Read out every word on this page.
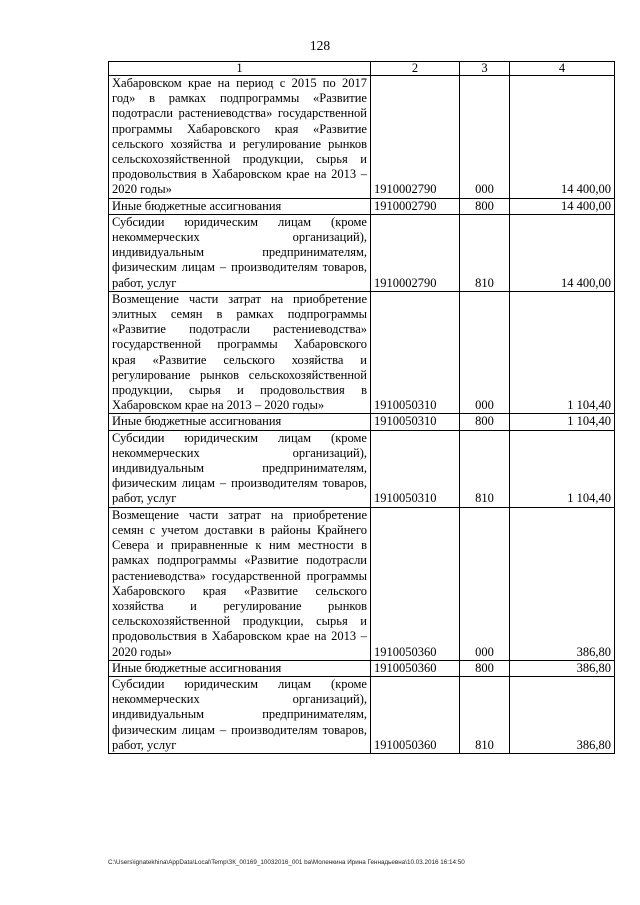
128
1	2	3	4
Хабаровском крае на период с 2015 по 2017 год» в рамках подпрограммы «Развитие подотрасли растениеводства» государственной программы Хабаровского края «Развитие сельского хозяйства и регулирование рынков сельскохозяйственной продукции, сырья и продовольствия в Хабаровском крае на 2013 – 2020 годы»	1910002790	000	14 400,00
Иные бюджетные ассигнования	1910002790	800	14 400,00
Субсидии юридическим лицам (кроме некоммерческих организаций), индивидуальным предпринимателям, физическим лицам – производителям товаров, работ, услуг	1910002790	810	14 400,00
Возмещение части затрат на приобретение элитных семян в рамках подпрограммы «Развитие подотрасли растениеводства» государственной программы Хабаровского края «Развитие сельского хозяйства и регулирование рынков сельскохозяйственной продукции, сырья и продовольствия в Хабаровском крае на 2013 – 2020 годы»	1910050310	000	1 104,40
Иные бюджетные ассигнования	1910050310	800	1 104,40
Субсидии юридическим лицам (кроме некоммерческих организаций), индивидуальным предпринимателям, физическим лицам – производителям товаров, работ, услуг	1910050310	810	1 104,40
Возмещение части затрат на приобретение семян с учетом доставки в районы Крайнего Севера и приравненные к ним местности в рамках подпрограммы «Развитие подотрасли растениеводства» государственной программы Хабаровского края «Развитие сельского хозяйства и регулирование рынков сельскохозяйственной продукции, сырья и продовольствия в Хабаровском крае на 2013 – 2020 годы»	1910050360	000	386,80
Иные бюджетные ассигнования	1910050360	800	386,80
Субсидии юридическим лицам (кроме некоммерческих организаций), индивидуальным предпринимателям, физическим лицам – производителям товаров, работ, услуг	1910050360	810	386,80
C:\Users\ignatekhina\AppData\Local\Temp\ЗК_00169_10032016_001 ba\Моленкина Ирина Геннадьевна\10.03.2016 16:14:50
